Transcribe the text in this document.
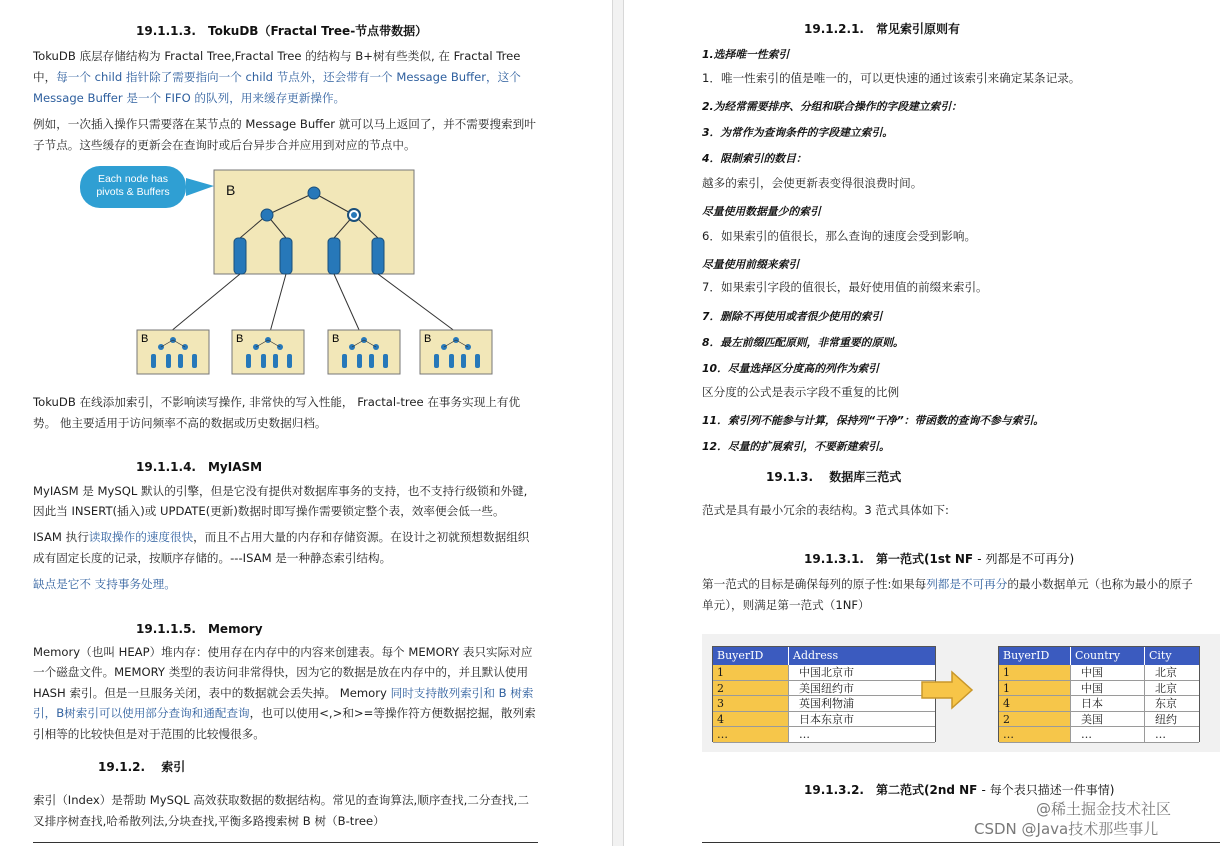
19.1.1.3.　TokuDB（Fractal Tree-节点带数据）
TokuDB 底层存储结构为 Fractal Tree,Fractal Tree 的结构与 B+树有些类似, 在 Fractal Tree
中，每一个 child 指针除了需要指向一个 child 节点外，还会带有一个 Message Buffer，这个
Message Buffer 是一个 FIFO 的队列，用来缓存更新操作。
例如，一次插入操作只需要落在某节点的 Message Buffer 就可以马上返回了，并不需要搜索到叶
子节点。这些缓存的更新会在查询时或后台异步合并应用到对应的节点中。
B
B	B	B	B
Each node has
pivots & Buffers
TokuDB 在线添加索引，不影响读写操作, 非常快的写入性能， Fractal-tree 在事务实现上有优
势。 他主要适用于访问频率不高的数据或历史数据归档。
19.1.1.4.　MyIASM
MyIASM 是 MySQL 默认的引擎，但是它没有提供对数据库事务的支持，也不支持行级锁和外键,
因此当 INSERT(插入)或 UPDATE(更新)数据时即写操作需要锁定整个表，效率便会低一些。
ISAM 执行读取操作的速度很快，而且不占用大量的内存和存储资源。在设计之初就预想数据组织
成有固定长度的记录，按顺序存储的。---ISAM 是一种静态索引结构。
缺点是它不 支持事务处理。
19.1.1.5.　Memory
Memory（也叫 HEAP）堆内存：使用存在内存中的内容来创建表。每个 MEMORY 表只实际对应
一个磁盘文件。MEMORY 类型的表访问非常得快，因为它的数据是放在内存中的，并且默认使用
HASH 索引。但是一旦服务关闭，表中的数据就会丢失掉。 Memory 同时支持散列索引和 B 树索
引，B树索引可以使用部分查询和通配查询，也可以使用<,>和>=等操作符方便数据挖掘，散列索
引相等的比较快但是对于范围的比较慢很多。
19.1.2.　 索引
索引（Index）是帮助 MySQL 高效获取数据的数据结构。常见的查询算法,顺序查找,二分查找,二
叉排序树查找,哈希散列法,分块查找,平衡多路搜索树 B 树（B-tree）
19.1.2.1.　常见索引原则有
1.选择唯一性索引
1．唯一性索引的值是唯一的，可以更快速的通过该索引来确定某条记录。
2.为经常需要排序、分组和联合操作的字段建立索引：
3．为常作为查询条件的字段建立索引。
4．限制索引的数目：
越多的索引，会使更新表变得很浪费时间。
尽量使用数据量少的索引
6．如果索引的值很长，那么查询的速度会受到影响。
尽量使用前缀来索引
7．如果索引字段的值很长，最好使用值的前缀来索引。
7．删除不再使用或者很少使用的索引
8．最左前缀匹配原则，非常重要的原则。
10．尽量选择区分度高的列作为索引
区分度的公式是表示字段不重复的比例
11．索引列不能参与计算，保持列“干净”：带函数的查询不参与索引。
12．尽量的扩展索引，不要新建索引。
19.1.3.　 数据库三范式
范式是具有最小冗余的表结构。3 范式具体如下:
19.1.3.1.　第一范式(1st NF - 列都是不可再分)
第一范式的目标是确保每列的原子性:如果每列都是不可再分的最小数据单元（也称为最小的原子
单元），则满足第一范式（1NF）
BuyerID	Address
1	中国北京市
2	美国纽约市
3	英国利物浦
4	日本东京市
…	…
BuyerID	Country	City
1	中国	北京
1	中国	北京
4	日本	东京
2	美国	纽约
…	…	…
19.1.3.2.　第二范式(2nd NF - 每个表只描述一件事情)
@稀土掘金技术社区
CSDN @Java技术那些事儿
